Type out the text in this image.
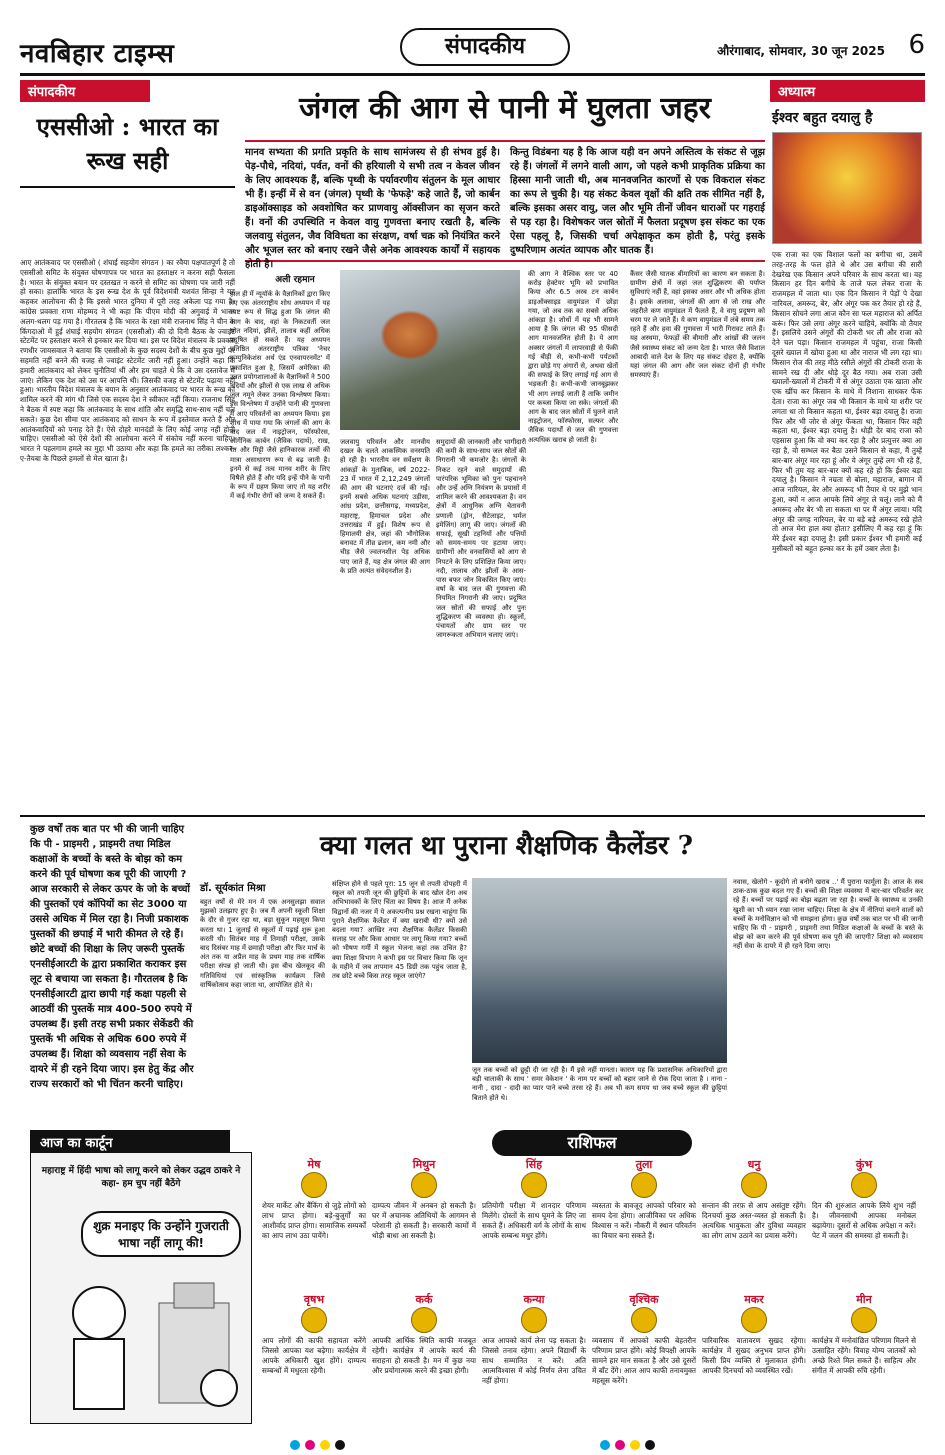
नवबिहार टाइम्स	संपादकीय	औरंगाबाद, सोमवार, 30 जून 2025 6
संपादकीय
एससीओ : भारत का रूख सही
आए आतंकवाद पर एससीओ ( शंघाई सहयोग संगठन ) का रवैया पक्षपातपूर्ण है तो एससीओ समिट के संयुक्त घोषणापत्र पर भारत का हस्ताक्षर न करना सही फैसला है। भारत के संयुक्त बयान पर दस्तखत न करने से समिट का घोषणा पत्र जारी नहीं हो सका। हालांकि भारत के इस रूख देश के पूर्व विदेशमंत्री यशवंत सिन्हा ने यह कहकर आलोचना की है कि इससे भारत दुनिया में पूरी तरह अकेला पड़ गया है। कांग्रेस प्रवक्ता राणा मोहम्मद ने भी कहा कि पीएम मोदी की अगुवाई में भारत अलग-थलग पड़ गया है। गौरतलब है कि भारत के रक्षा मंत्री राजनाथ सिंह ने चीन के किंगदाओ में हुई शंघाई सहयोग संगठन (एससीओ) की दो दिनी बैठक के ज्वाइंट स्टेटमेंट पर हस्ताक्षर करने से इनकार कर दिया था। इस पर विदेश मंत्रालय के प्रवक्ता रणधीर जायसवाल ने बताया कि एससीओ के कुछ सदस्य देशों के बीच कुछ मुद्दों पर सहमति नहीं बनने की वजह से ज्वाइंट स्टेटमेंट जारी नहीं हुआ। उन्होंने कहा कि हमारी आतंकवाद को लेकर चुनौतियां थीं और हम चाहते थे कि वे उस दस्तावेज में जाएं। लेकिन एक देश को उस पर आपत्ति थी। जिसकी वजह से स्टेटमेंट पढ़ाया नहीं हुआ। भारतीय विदेश मंत्रालय के बयान के अनुसार आतंकवाद पर भारत के रूख को शामिल करने की मांग थी जिसे एक सदस्य देश ने स्वीकार नहीं किया। राजनाथ सिंह ने बैठक में स्पष्ट कहा कि आतंकवाद के साथ शांति और समृद्धि साथ-साथ नहीं चल सकते। कुछ देश सीमा पार आतंकवाद को साधन के रूप में इस्तेमाल करते हैं और आतंकवादियों को पनाह देते हैं। ऐसे दोहरे मानदंडों के लिए कोई जगह नहीं होनी चाहिए। एससीओ को ऐसे देशों की आलोचना करने में संकोच नहीं करना चाहिए। भारत ने पहलगाम हमले का मुद्दा भी उठाया और कहा कि हमले का तरीका लश्कर-ए-तैयबा के पिछले हमलों से मेल खाता है।
जंगल की आग से पानी में घुलता जहर
मानव सभ्यता की प्रगति प्रकृति के साथ सामंजस्य से ही संभव हुई है। पेड़-पौधे, नदियां, पर्वत, वनों की हरियाली ये सभी तत्व न केवल जीवन के लिए आवश्यक हैं, बल्कि पृथ्वी के पर्यावरणीय संतुलन के मूल आधार भी हैं। इन्हीं में से वन (जंगल) पृथ्वी के 'फेफड़े' कहे जाते हैं, जो कार्बन डाइऑक्साइड को अवशोषित कर प्राणवायु ऑक्सीजन का सृजन करते हैं। वनों की उपस्थिति न केवल वायु गुणवत्ता बनाए रखती है, बल्कि जलवायु संतुलन, जैव विविधता का संरक्षण, वर्षा चक्र को नियंत्रित करने और भूजल स्तर को बनाए रखने जैसे अनेक आवश्यक कार्यों में सहायक होती है।
किन्तु विडंबना यह है कि आज यही वन अपने अस्तित्व के संकट से जूझ रहे हैं। जंगलों में लगने वाली आग, जो पहले कभी प्राकृतिक प्रक्रिया का हिस्सा मानी जाती थी, अब मानवजनित कारणों से एक विकराल संकट का रूप ले चुकी है। यह संकट केवल वृक्षों की क्षति तक सीमित नहीं है, बल्कि इसका असर वायु, जल और भूमि तीनों जीवन धाराओं पर गहराई से पड़ रहा है। विशेषकर जल स्रोतों में फैलता प्रदूषण इस संकट का एक ऐसा पहलू है, जिसकी चर्चा अपेक्षाकृत कम होती है, परंतु इसके दुष्परिणाम अत्यंत व्यापक और घातक हैं।
अली रहमान
हाल ही में न्यूयॉर्क के वैज्ञानिकों द्वारा किए गए एक अंतरराष्ट्रीय शोध अध्ययन में यह स्पष्ट रूप से सिद्ध हुआ कि जंगल की आग के बाद, वहां के निकटवर्ती जल स्रोत नदियां, झीलें, तालाब कहीं अधिक प्रदूषित हो सकते हैं। यह अध्ययन प्रतिष्ठित अंतरराष्ट्रीय पत्रिका 'नेचर कम्युनिकेशंस अर्थ एंड एनवायरनमेंट' में प्रकाशित हुआ है, जिसमें अमेरिका की उन्नत प्रयोगशालाओं के वैज्ञानिकों ने 500 नदियों और झीलों से एक लाख से अधिक जल नमूने लेकर उनका विश्लेषण किया। इस विश्लेषण में उन्होंने पानी की गुणवत्ता में आए परिवर्तनों का अध्ययन किया। इस शोध में पाया गया कि जंगलों की आग के बाद जल में नाइट्रोजन, फॉस्फोरस, ऑर्गेनिक कार्बन (जैविक पदार्थ), राख, रेत और मिट्टी जैसे हानिकारक तत्वों की मात्रा असाधारण रूप से बढ़ जाती है। इनमें से कई तत्व मानव शरीर के लिए विषैले होते हैं और यदि इन्हें पीने के पानी के रूप में ग्रहण किया जाए तो यह शरीर में कई गंभीर रोगों को जन्म दे सकते हैं।
जलवायु परिवर्तन और मानवीय दखल के चलते आकस्मिक वनस्पति हो रही है। भारतीय वन सर्वेक्षण के आंकड़ों के मुताबिक, वर्ष 2022-23 में भारत में 2,12,249 जंगलों की आग की घटनाएं दर्ज की गईं। इनमें सबसे अधिक घटनाएं उड़ीसा, आंध्र प्रदेश, छत्तीसगढ़, मध्यप्रदेश, महाराष्ट्र, हिमाचल प्रदेश और उत्तराखंड में हुईं। विशेष रूप से हिमालयी क्षेत्र, जहां की भौगोलिक बनावट में तीव्र ढलान, कम नमी और चीड़ जैसे ज्वलनशील पेड़ अधिक पाए जाते हैं, यह क्षेत्र जंगल की आग के प्रति अत्यंत संवेदनशील है।
की आग ने वैश्विक स्तर पर 40 करोड़ हेक्टेयर भूमि को प्रभावित किया और 6.5 अरब टन कार्बन डाइऑक्साइड वायुमंडल में छोड़ा गया, जो अब तक का सबसे अधिक आंकड़ा है। शोधों में यह भी सामने आया है कि जंगल की 95 फीसदी आग मानवजनित होती है। ये आग अक्सर जंगलों में लापरवाही से फेंकी गई बीड़ी से, कभी-कभी पर्यटकों द्वारा छोड़े गए अंगारों से, अथवा खेतों की सफाई के लिए लगाई गई आग से भड़कती है। कभी-कभी जानबूझकर भी आग लगाई जाती है ताकि जमीन पर कब्जा किया जा सके। जंगलों की आग के बाद जल स्रोतों में घुलने वाले नाइट्रोजन, फॉस्फोरस, सल्फर और जैविक पदार्थों से जल की गुणवत्ता अत्यधिक खराब हो जाती है।
कैंसर जैसी घातक बीमारियों का कारण बन सकता है। ग्रामीण क्षेत्रों में जहां जल शुद्धिकरण की पर्याप्त सुविधाएं नहीं हैं, वहां इसका असर और भी अधिक होता है। इसके अलावा, जंगलों की आग से जो राख और जहरीले कण वायुमंडल में फैलते हैं, वे वायु प्रदूषण को चरम पर ले जाते हैं। ये कण वायुमंडल में लंबे समय तक रहते हैं और हवा की गुणवत्ता में भारी गिरावट लाते हैं। यह अस्थमा, फेफड़ों की बीमारी और आंखों की जलन जैसे स्वास्थ्य संकट को जन्म देता है। भारत जैसे विशाल आबादी वाले देश के लिए यह संकट दोहरा है, क्योंकि यहां जंगल की आग और जल संकट दोनों ही गंभीर समस्याएं हैं।
समुदायों की जानकारी और भागीदारी की कमी के साथ-साथ जल स्रोतों की निगरानी भी कमजोर है। जंगलों के निकट रहने वाले समुदायों की पारंपरिक भूमिका को पुनः पहचानने और उन्हें अग्नि नियंत्रण के प्रयासों में शामिल करने की आवश्यकता है। वन क्षेत्रों में आधुनिक अग्नि चेतावनी प्रणाली (ड्रोन, सैटेलाइट, थर्मल इमेजिंग) लागू की जाए। जंगलों की सफाई, सूखी टहनियों और पत्तियों को समय-समय पर हटाया जाए। ग्रामीणों और वनवासियों को आग से निपटने के लिए प्रशिक्षित किया जाए। नदी, तालाब और झीलों के आस-पास बफर जोन विकसित किए जाएं। वर्षा के बाद जल की गुणवत्ता की नियमित निगरानी की जाए। प्रदूषित जल स्रोतों की सफाई और पुनः शुद्धिकरण की व्यवस्था हो। स्कूलों, पंचायतों और ग्राम स्तर पर जागरूकता अभियान चलाए जाएं।
अध्यात्म
ईश्वर बहुत दयालु है
एक राजा का एक विशाल फलों का बगीचा था, उसमें तरह-तरह के फल होते थे और उस बगीचा की सारी देखरेख एक किसान अपने परिवार के साथ करता था। वह किसान हर दिन बगीचे के ताजे फल लेकर राजा के राजमहल में जाता था। एक दिन किसान ने पेड़ों पे देखा नारियल, अमरूद, बेर, और अंगूर पक कर तैयार हो रहे हैं, किसान सोचने लगा आज कौन सा फल महाराज को अर्पित करूं। फिर उसे लगा अंगूर करने चाहिये, क्योंकि वो तैयार हैं। इसलिये उसने अंगूरों की टोकरी भर ली और राजा को देने चल पड़ा। किसान राजमहल में पहुंचा, राजा किसी दूसरे ख्याल में खोया हुआ था और नाराज भी लग रहा था। किसान रोज की तरह मीठे रसीले अंगूरों की टोकरी राजा के सामने रख दी और थोड़े दूर बैठ गया। अब राजा उसी ख्यालों-ख्यालों में टोकरी में से अंगूर उठाता एक खाता और एक खींच कर किसान के माथे में निशाना साधकर फेंक देता। राजा का अंगूर जब भी किसान के माथे या शरीर पर लगता था तो किसान कहता था, ईश्वर बड़ा दयालु है। राजा फिर और भी जोर से अंगूर फेंकता था, किसान फिर वही कहता था, ईश्वर बड़ा दयालु है। थोड़ी देर बाद राजा को एहसास हुआ कि वो क्या कर रहा है और प्रत्युत्तर क्या आ रहा है, वो सम्भल कर बैठा उसने किसान से कहा, मैं तुम्हें बार-बार अंगूर मार रहा हूं और ये अंगूर तुम्हें लग भी रहे हैं, फिर भी तुम यह बार-बार क्यों कह रहे हो कि ईश्वर बड़ा दयालु है। किसान ने नम्रता से बोला, महाराज, बागान में आज नारियल, बेर और अमरूद भी तैयार थे पर मुझे भान हुआ, क्यों न आज आपके लिये अंगूर ले चलूं। लाने को मैं अमरूद और बेर भी ला सकता था पर मैं अंगूर लाया। यदि अंगूर की जगह नारियल, बेर या बड़े बड़े अमरूद रखे होते तो आज मेरा हाल क्या होता? इसीलिए मैं कह रहा हूं कि मेरे ईश्वर बड़ा दयालु है! इसी प्रकार ईश्वर भी हमारी कई मुसीबतों को बहुत हल्का कर के हमें उबार लेता है।
कुछ वर्षों तक बात पर भी की जानी चाहिए कि पी - प्राइमरी , प्राइमरी तथा मिडिल कक्षाओं के बच्चों के बस्ते के बोझ को कम करने की पूर्व घोषणा कब पूरी की जाएगी ? आज सरकारी से लेकर ऊपर के जो के बच्चों की पुस्तकों एवं कॉपियों का सेट 3000 या उससे अधिक में मिल रहा है। निजी प्रकाशक पुस्तकों की छपाई में भारी कीमत ले रहे हैं। छोटे बच्चों की शिक्षा के लिए जरूरी पुस्तकें एनसीईआरटी के द्वारा प्रकाशित कराकर इस लूट से बचाया जा सकता है। गौरतलब है कि एनसीईआरटी द्वारा छापी गई कक्षा पहली से आठवीं की पुस्तकें मात्र 400-500 रुपये में उपलब्ध हैं। इसी तरह सभी प्रकार सेकेंडरी की पुस्तकें भी अधिक से अधिक 600 रुपये में उपलब्ध हैं। शिक्षा को व्यवसाय नहीं सेवा के दायरे में ही रहने दिया जाए। इस हेतु केंद्र और राज्य सरकारों को भी चिंतन करनी चाहिए।
क्या गलत था पुराना शैक्षणिक कैलेंडर ?
डॉ. सूर्यकांत मिश्रा
बहुत वर्षों से मेरे मन में एक अनसुलझा सवाल मुझको उलझाए हुए है। जब मैं अपनी स्कूली शिक्षा के दौर से गुजर रहा था, बड़ा सुकून महसूस किया करता था। 1 जुलाई से स्कूलों में पढ़ाई शुरू हुआ करती थी। सितंबर माह में तिमाही परीक्षा, उसके बाद दिसंबर माह में छमाही परीक्षा और फिर मार्च के अंत तक या अप्रैल माह के प्रथम माह तक वार्षिक परीक्षा संपन्न हो जाती थी। इस बीच खेलकूद की गतिविधियां एवं सांस्कृतिक कार्यक्रम जिसे वार्षिकोत्सव कहा जाता था, आयोजित होते थे।
संक्षिप्त होने से पहले पूरा: 15 जून से तपती दोपहरी में स्कूल को तपती जून की छुट्टियों के बाद खोल देना अब अभिभावकों के लिए चिंता का विषय है। आज मैं अनेक विद्वानों की नजर में ये अकल्पनीय प्रश्न रखना चाहूंगा कि पुराने शैक्षणिक कैलेंडर में क्या खराबी थी? क्यों उसे बदला गया? आखिर नया शैक्षणिक कैलेंडर किसकी सलाह पर और किस आधार पर लागू किया गया? बच्चों को भीषण गर्मी में स्कूल भेजना कहां तक उचित है? क्या शिक्षा विभाग ने कभी इस पर विचार किया कि जून के महीने में जब तापमान 45 डिग्री तक पहुंच जाता है, तब छोटे बच्चे किस तरह स्कूल जाएंगे?
जून तक बच्चों को छुट्टी दी जा रही है। मैं इसे नहीं मानता। कारण यह कि प्रशासनिक अधिकारियों द्वारा बड़ी चालाकी के साथ ' समर वेकेशन ' के नाम पर बच्चों को बहार जाने से रोक दिया जाता है । नाना - नानी , दादा - दादी का प्यार पाने बच्चे तरस रहे हैं। अब भी कम समय था जब बच्चे स्कूल की छुट्टियां बिताने होते थे।
नवास, खेलोगे - कूदोगे तो बनोगे खराब ..' मैं पुराना फार्मूला है। आज के सब ठाक-ठाक कुछ बदल गए हैं। बच्चों की शिक्षा व्यवस्था में बार-बार परिवर्तन कर रहे हैं। बच्चों पर पढ़ाई का बोझ बढ़ता जा रहा है। बच्चों के स्वास्थ्य व उनकी खुशी का भी ध्यान रखा जाना चाहिए। शिक्षा के क्षेत्र में नीतियां बनाने वालों को बच्चों के मनोविज्ञान को भी समझना होगा। कुछ वर्षों तक बात पर भी की जानी चाहिए कि पी - प्राइमरी , प्राइमरी तथा मिडिल कक्षाओं के बच्चों के बस्ते के बोझ को कम करने की पूर्व घोषणा कब पूरी की जाएगी? शिक्षा को व्यवसाय नहीं सेवा के दायरे में ही रहने दिया जाए।
आज का कार्टून
महाराष्ट्र में हिंदी भाषा को लागू करने को लेकर उद्धव ठाकरे ने कहा- हम चुप नहीं बैठेंगे
शुक्र मनाइए कि उन्होंने गुजराती भाषा नहीं लागू की!
राशिफल
मेष
शेयर मार्केट और बैंकिंग से जुड़े लोगों को लाभ प्राप्त होगा। बड़े-बुजुर्गों का आशीर्वाद प्राप्त होगा। सामाजिक सम्पर्कों का आप लाभ उठा पायेंगे।
मिथुन
दाम्पत्य जीवन में अनबन हो सकती है। घर में अचानक अतिथियों के आगमन से परेशानी हो सकती है। सरकारी कामों में थोड़ी बाधा आ सकती है।
सिंह
प्रतियोगी परीक्षा में शानदार परिणाम मिलेंगे। दोस्तों के साथ घूमने के लिए जा सकते हैं। अधिकारी वर्ग के लोगों के साथ आपके सम्बन्ध मधुर होंगे।
तुला
व्यस्तता के बावजूद आपको परिवार को समय देना होगा। आजीविका पर अधिक विश्वास न करें। नौकरी में स्थान परिवर्तन का विचार बना सकते हैं।
धनु
सन्तान की तरफ़ से आप असंतुष्ट रहेंगे। दिनचर्या कुछ अस्त-व्यस्त हो सकती है। अत्यधिक भावुकता और दुविधा व्यवहार का लोग लाभ उठाने का प्रयास करेंगे।
कुंभ
दिन की शुरुआत आपके लिये शुभ नहीं है। जीवनसाथी आपका मनोबल बढ़ायेगा। दूसरों से अधिक अपेक्षा न करें। पेट में जलन की समस्या हो सकती है।
वृषभ
आप लोगों की काफी सहायता करेंगे जिससे आपका यश बढ़ेगा। कार्यक्षेत्र में आपके अधिकारी खुश होंगे। दाम्पत्य सम्बन्धों में मधुरता रहेगी।
कर्क
आपकी आर्थिक स्थिति काफी मजबूत रहेगी। कार्यक्षेत्र में आपके कार्य की सराहना हो सकती है। मन में कुछ नया और प्रयोगात्मक करने की इच्छा होगी।
कन्या
आज आपको कार्य लेना पड़ सकता है। जिससे तनाव रहेगा। अपने विद्यार्थी के साथ सम्मानित न करें। अति आत्मविश्वास में कोई निर्णय लेना उचित नहीं होगा।
वृश्चिक
व्यवसाय में आपको काफी बेहतरीन परिणाम प्राप्त होंगे। कोई विपक्षी आपके सामने हार मान सकता है और उसे दूसरों में बाँट देंगे। आज आप काफी तनावमुक्त महसूस करेंगे।
मकर
पारिवारिक वातावरण सुखद रहेगा। कार्यक्षेत्र में सुखद अनुभव प्राप्त होंगे। किसी प्रिय व्यक्ति से मुलाकात होगी। आपकी दिनचर्या को व्यवस्थित रखें।
मीन
कार्यक्षेत्र में मनोवांछित परिणाम मिलने से उत्साहित रहेंगे। विवाह योग्य जातकों को अच्छे रिश्ते मिल सकते हैं। साहित्य और संगीत में आपकी रुचि रहेगी।
